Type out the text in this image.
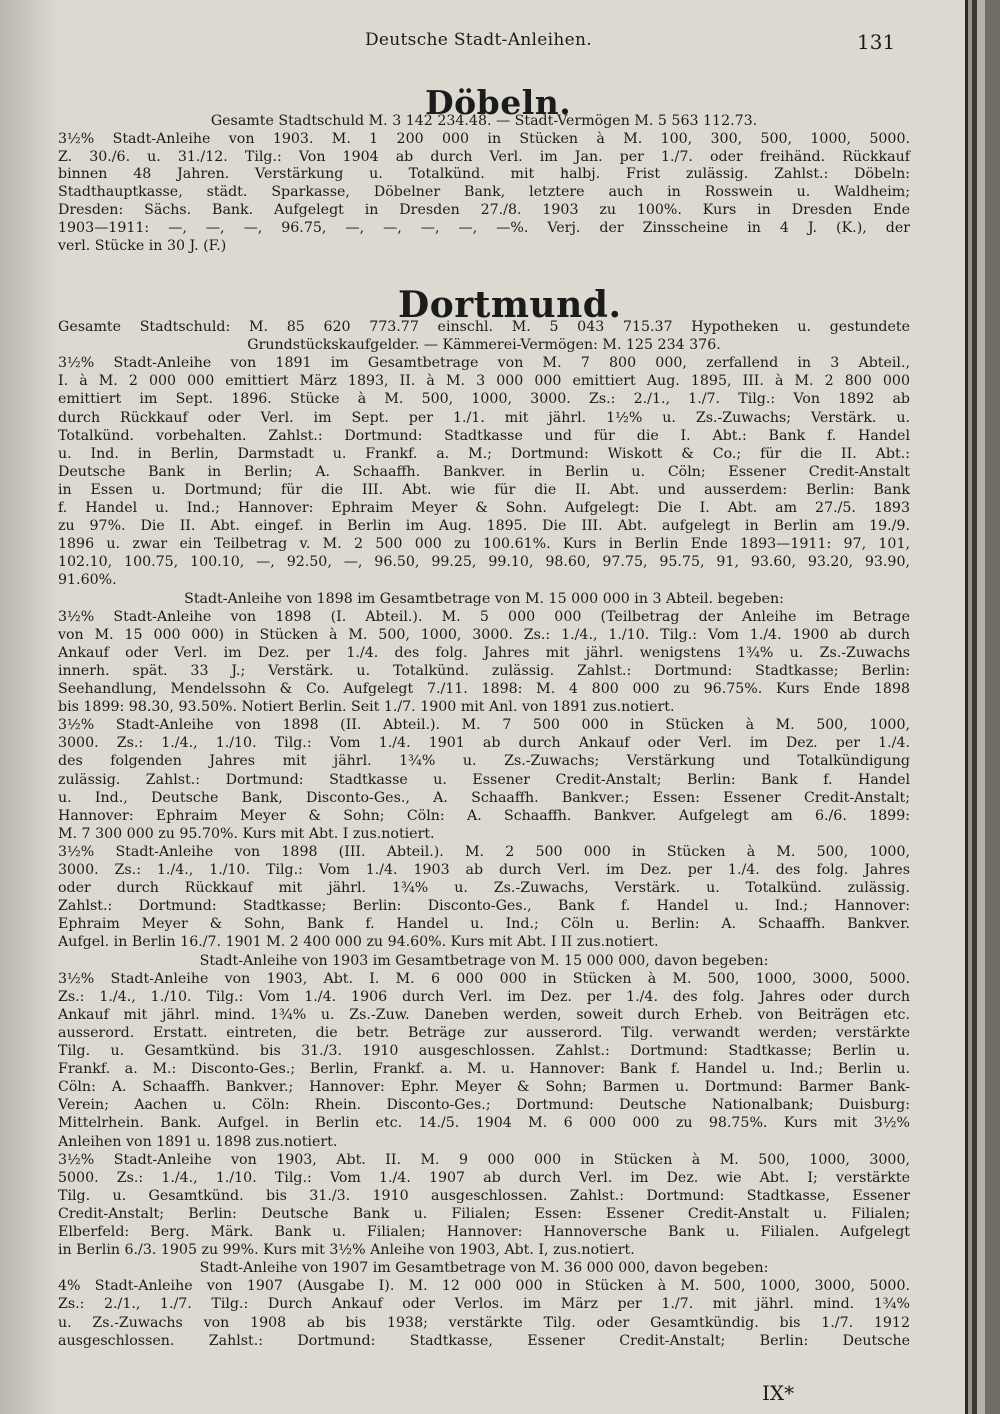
Deutsche Stadt-Anleihen.	131
Döbeln.
Gesamte Stadtschuld M. 3 142 234.48. — Stadt-Vermögen M. 5 563 112.73.
3½% Stadt-Anleihe von 1903. M. 1 200 000 in Stücken à M. 100, 300, 500, 1000, 5000.
Z. 30./6. u. 31./12. Tilg.: Von 1904 ab durch Verl. im Jan. per 1./7. oder freihänd. Rückkauf
binnen 48 Jahren. Verstärkung u. Totalkünd. mit halbj. Frist zulässig. Zahlst.: Döbeln:
Stadthauptkasse, städt. Sparkasse, Döbelner Bank, letztere auch in Rosswein u. Waldheim;
Dresden: Sächs. Bank. Aufgelegt in Dresden 27./8. 1903 zu 100%. Kurs in Dresden Ende
1903—1911: —, —, —, 96.75, —, —, —, —, —%. Verj. der Zinsscheine in 4 J. (K.), der
verl. Stücke in 30 J. (F.)
Dortmund.
Gesamte Stadtschuld: M. 85 620 773.77 einschl. M. 5 043 715.37 Hypotheken u. gestundete
Grundstückskaufgelder. — Kämmerei-Vermögen: M. 125 234 376.
3½% Stadt-Anleihe von 1891 im Gesamtbetrage von M. 7 800 000, zerfallend in 3 Abteil.,
I. à M. 2 000 000 emittiert März 1893, II. à M. 3 000 000 emittiert Aug. 1895, III. à M. 2 800 000
emittiert im Sept. 1896. Stücke à M. 500, 1000, 3000. Zs.: 2./1., 1./7. Tilg.: Von 1892 ab
durch Rückkauf oder Verl. im Sept. per 1./1. mit jährl. 1½% u. Zs.-Zuwachs; Verstärk. u.
Totalkünd. vorbehalten. Zahlst.: Dortmund: Stadtkasse und für die I. Abt.: Bank f. Handel
u. Ind. in Berlin, Darmstadt u. Frankf. a. M.; Dortmund: Wiskott & Co.; für die II. Abt.:
Deutsche Bank in Berlin; A. Schaaffh. Bankver. in Berlin u. Cöln; Essener Credit-Anstalt
in Essen u. Dortmund; für die III. Abt. wie für die II. Abt. und ausserdem: Berlin: Bank
f. Handel u. Ind.; Hannover: Ephraim Meyer & Sohn. Aufgelegt: Die I. Abt. am 27./5. 1893
zu 97%. Die II. Abt. eingef. in Berlin im Aug. 1895. Die III. Abt. aufgelegt in Berlin am 19./9.
1896 u. zwar ein Teilbetrag v. M. 2 500 000 zu 100.61%. Kurs in Berlin Ende 1893—1911: 97, 101,
102.10, 100.75, 100.10, —, 92.50, —, 96.50, 99.25, 99.10, 98.60, 97.75, 95.75, 91, 93.60, 93.20, 93.90,
91.60%.
Stadt-Anleihe von 1898 im Gesamtbetrage von M. 15 000 000 in 3 Abteil. begeben:
3½% Stadt-Anleihe von 1898 (I. Abteil.). M. 5 000 000 (Teilbetrag der Anleihe im Betrage
von M. 15 000 000) in Stücken à M. 500, 1000, 3000. Zs.: 1./4., 1./10. Tilg.: Vom 1./4. 1900 ab durch
Ankauf oder Verl. im Dez. per 1./4. des folg. Jahres mit jährl. wenigstens 1¾% u. Zs.-Zuwachs
innerh. spät. 33 J.; Verstärk. u. Totalkünd. zulässig. Zahlst.: Dortmund: Stadtkasse; Berlin:
Seehandlung, Mendelssohn & Co. Aufgelegt 7./11. 1898: M. 4 800 000 zu 96.75%. Kurs Ende 1898
bis 1899: 98.30, 93.50%. Notiert Berlin. Seit 1./7. 1900 mit Anl. von 1891 zus.notiert.
3½% Stadt-Anleihe von 1898 (II. Abteil.). M. 7 500 000 in Stücken à M. 500, 1000,
3000. Zs.: 1./4., 1./10. Tilg.: Vom 1./4. 1901 ab durch Ankauf oder Verl. im Dez. per 1./4.
des folgenden Jahres mit jährl. 1¾% u. Zs.-Zuwachs; Verstärkung und Totalkündigung
zulässig. Zahlst.: Dortmund: Stadtkasse u. Essener Credit-Anstalt; Berlin: Bank f. Handel
u. Ind., Deutsche Bank, Disconto-Ges., A. Schaaffh. Bankver.; Essen: Essener Credit-Anstalt;
Hannover: Ephraim Meyer & Sohn; Cöln: A. Schaaffh. Bankver. Aufgelegt am 6./6. 1899:
M. 7 300 000 zu 95.70%. Kurs mit Abt. I zus.notiert.
3½% Stadt-Anleihe von 1898 (III. Abteil.). M. 2 500 000 in Stücken à M. 500, 1000,
3000. Zs.: 1./4., 1./10. Tilg.: Vom 1./4. 1903 ab durch Verl. im Dez. per 1./4. des folg. Jahres
oder durch Rückkauf mit jährl. 1¾% u. Zs.-Zuwachs, Verstärk. u. Totalkünd. zulässig.
Zahlst.: Dortmund: Stadtkasse; Berlin: Disconto-Ges., Bank f. Handel u. Ind.; Hannover:
Ephraim Meyer & Sohn, Bank f. Handel u. Ind.; Cöln u. Berlin: A. Schaaffh. Bankver.
Aufgel. in Berlin 16./7. 1901 M. 2 400 000 zu 94.60%. Kurs mit Abt. I II zus.notiert.
Stadt-Anleihe von 1903 im Gesamtbetrage von M. 15 000 000, davon begeben:
3½% Stadt-Anleihe von 1903, Abt. I. M. 6 000 000 in Stücken à M. 500, 1000, 3000, 5000.
Zs.: 1./4., 1./10. Tilg.: Vom 1./4. 1906 durch Verl. im Dez. per 1./4. des folg. Jahres oder durch
Ankauf mit jährl. mind. 1¾% u. Zs.-Zuw. Daneben werden, soweit durch Erheb. von Beiträgen etc.
ausserord. Erstatt. eintreten, die betr. Beträge zur ausserord. Tilg. verwandt werden; verstärkte
Tilg. u. Gesamtkünd. bis 31./3. 1910 ausgeschlossen. Zahlst.: Dortmund: Stadtkasse; Berlin u.
Frankf. a. M.: Disconto-Ges.; Berlin, Frankf. a. M. u. Hannover: Bank f. Handel u. Ind.; Berlin u.
Cöln: A. Schaaffh. Bankver.; Hannover: Ephr. Meyer & Sohn; Barmen u. Dortmund: Barmer Bank-
Verein; Aachen u. Cöln: Rhein. Disconto-Ges.; Dortmund: Deutsche Nationalbank; Duisburg:
Mittelrhein. Bank. Aufgel. in Berlin etc. 14./5. 1904 M. 6 000 000 zu 98.75%. Kurs mit 3½%
Anleihen von 1891 u. 1898 zus.notiert.
3½% Stadt-Anleihe von 1903, Abt. II. M. 9 000 000 in Stücken à M. 500, 1000, 3000,
5000. Zs.: 1./4., 1./10. Tilg.: Vom 1./4. 1907 ab durch Verl. im Dez. wie Abt. I; verstärkte
Tilg. u. Gesamtkünd. bis 31./3. 1910 ausgeschlossen. Zahlst.: Dortmund: Stadtkasse, Essener
Credit-Anstalt; Berlin: Deutsche Bank u. Filialen; Essen: Essener Credit-Anstalt u. Filialen;
Elberfeld: Berg. Märk. Bank u. Filialen; Hannover: Hannoversche Bank u. Filialen. Aufgelegt
in Berlin 6./3. 1905 zu 99%. Kurs mit 3½% Anleihe von 1903, Abt. I, zus.notiert.
Stadt-Anleihe von 1907 im Gesamtbetrage von M. 36 000 000, davon begeben:
4% Stadt-Anleihe von 1907 (Ausgabe I). M. 12 000 000 in Stücken à M. 500, 1000, 3000, 5000.
Zs.: 2./1., 1./7. Tilg.: Durch Ankauf oder Verlos. im März per 1./7. mit jährl. mind. 1¾%
u. Zs.-Zuwachs von 1908 ab bis 1938; verstärkte Tilg. oder Gesamtkündig. bis 1./7. 1912
ausgeschlossen. Zahlst.: Dortmund: Stadtkasse, Essener Credit-Anstalt; Berlin: Deutsche
IX*
